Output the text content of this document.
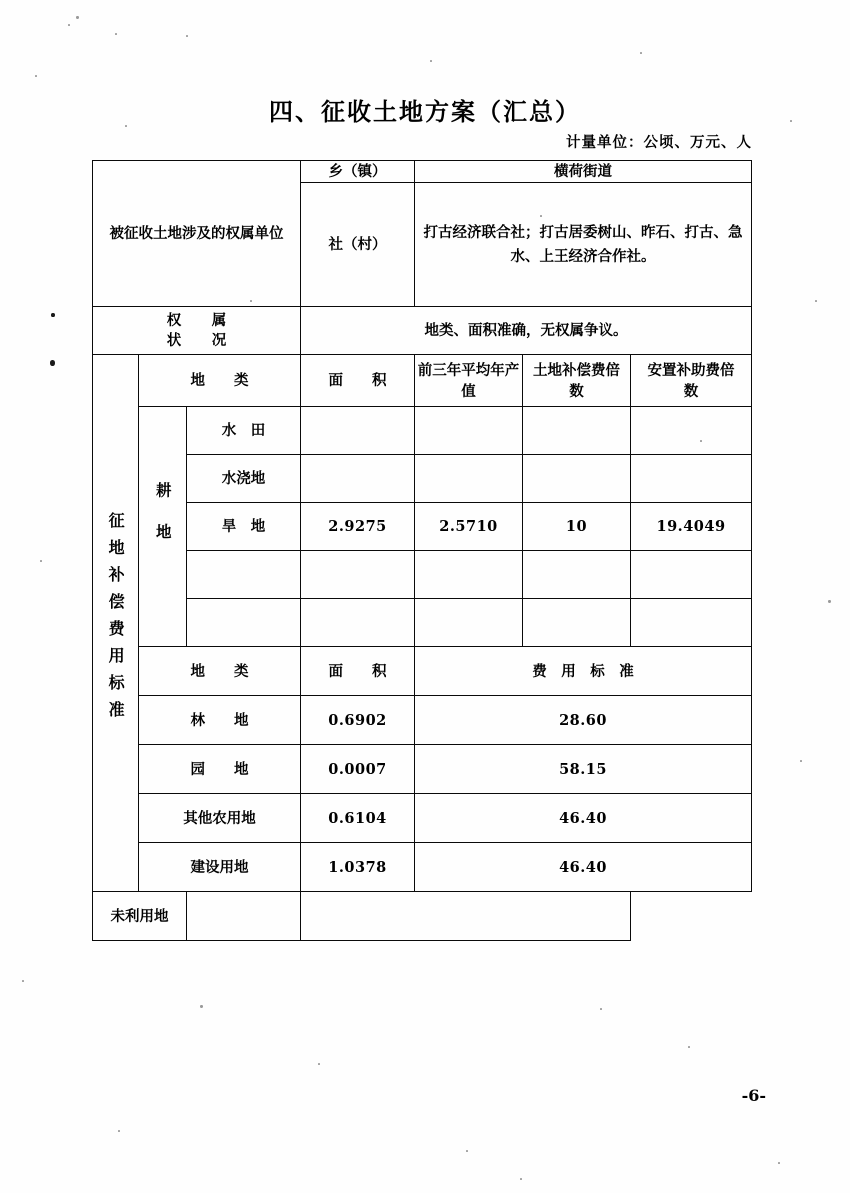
四、征收土地方案（汇总）
计量单位：公顷、万元、人
被征收土地涉及的权属单位			乡（镇）	横荷街道		
			社（村）	打古经济联合社；打古居委树山、昨石、打古、急水、上王经济合作社。		

权　属
状　况			地类、面积准确，无权属争议。			
征地补偿费用标准	地　　类		面　　积	前三年平均年产值	土地补偿费倍　　数	安置补助费倍　　数
	耕地	水　田				
		水浇地				
		旱　地	2.9275	2.5710	10	19.4049

	地　　类		面　　积	费　用　标　准		
	林　　地		0.6902	28.60		
	园　　地		0.0007	58.15		
	其他农用地		0.6104	46.40		
	建设用地		1.0378	46.40		
未利用地						
-6-
